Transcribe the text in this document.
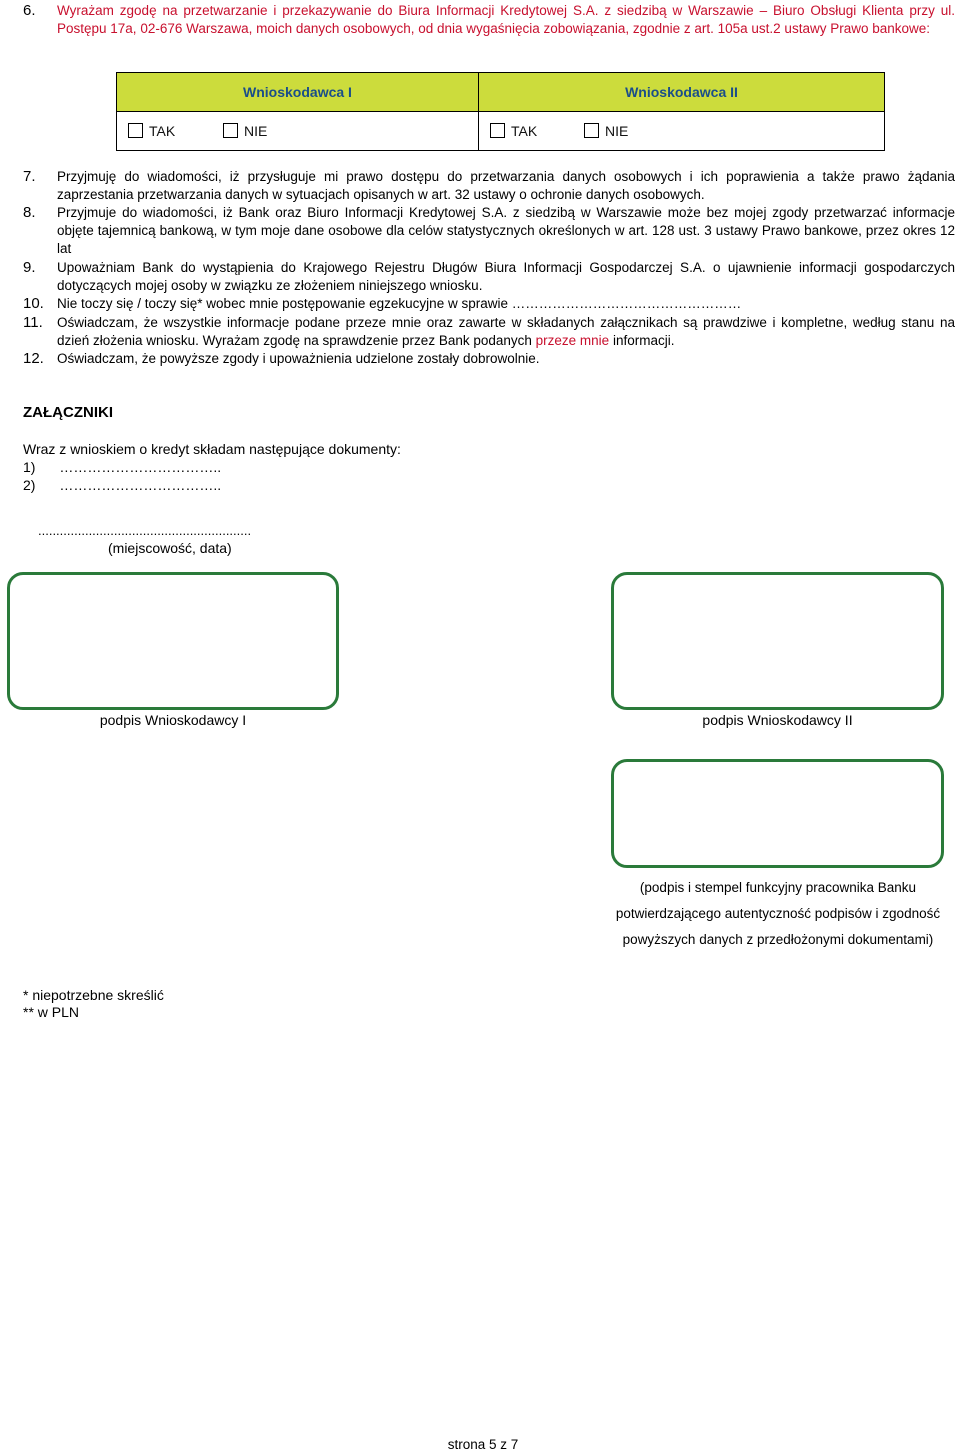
6. Wyrażam zgodę na przetwarzanie i przekazywanie do Biura Informacji Kredytowej S.A. z siedzibą w Warszawie – Biuro Obsługi Klienta przy ul. Postępu 17a, 02-676 Warszawa, moich danych osobowych, od dnia wygaśnięcia zobowiązania, zgodnie z art. 105a ust.2 ustawy Prawo bankowe:
Wnioskodawca I	Wnioskodawca II

TAK NIE	TAK NIE
7. Przyjmuję do wiadomości, iż przysługuje mi prawo dostępu do przetwarzania danych osobowych i ich poprawienia a także prawo żądania zaprzestania przetwarzania danych w sytuacjach opisanych w art. 32 ustawy o ochronie danych osobowych.
8. Przyjmuje do wiadomości, iż Bank oraz Biuro Informacji Kredytowej S.A. z siedzibą w Warszawie może bez mojej zgody przetwarzać informacje objęte tajemnicą bankową, w tym moje dane osobowe dla celów statystycznych określonych w art. 128 ust. 3 ustawy Prawo bankowe, przez okres 12 lat
9. Upoważniam Bank do wystąpienia do Krajowego Rejestru Długów Biura Informacji Gospodarczej S.A. o ujawnienie informacji gospodarczych dotyczących mojej osoby w związku ze złożeniem niniejszego wniosku.
10. Nie toczy się / toczy się* wobec mnie postępowanie egzekucyjne w sprawie ……………………………………………
11. Oświadczam, że wszystkie informacje podane przeze mnie oraz zawarte w składanych załącznikach są prawdziwe i kompletne, według stanu na dzień złożenia wniosku. Wyrażam zgodę na sprawdzenie przez Bank podanych przeze mnie informacji.
12. Oświadczam, że powyższe zgody i upoważnienia udzielone zostały dobrowolnie.
ZAŁĄCZNIKI
Wraz z wnioskiem o kredyt składam następujące dokumenty:
1) ……………………………..
2) ……………………………..
...........................................................
(miejscowość, data)
podpis Wnioskodawcy I	podpis Wnioskodawcy II
(podpis i stempel funkcyjny pracownika Banku
potwierdzającego autentyczność podpisów i zgodność
powyższych danych z przedłożonymi dokumentami)
* niepotrzebne skreślić
** w PLN
strona 5 z 7
